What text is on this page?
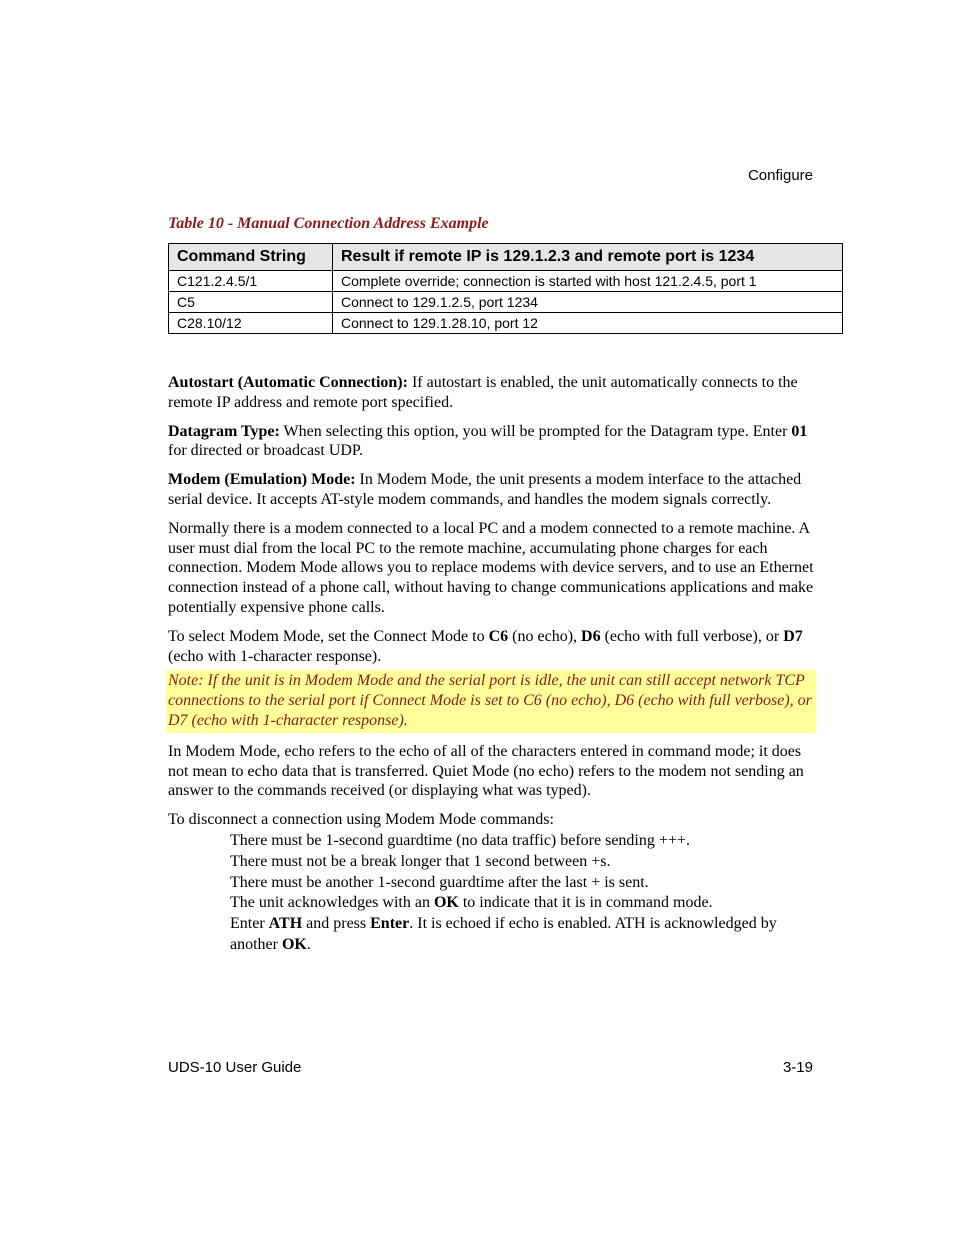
Configure
Table 10 - Manual Connection Address Example
Command String	Result if remote IP is 129.1.2.3 and remote port is 1234
C121.2.4.5/1	Complete override; connection is started with host 121.2.4.5, port 1
C5	Connect to 129.1.2.5, port 1234
C28.10/12	Connect to 129.1.28.10, port 12

Autostart (Automatic Connection): If autostart is enabled, the unit automatically connects to the remote IP address and remote port specified.

Datagram Type: When selecting this option, you will be prompted for the Datagram type. Enter 01 for directed or broadcast UDP.

Modem (Emulation) Mode: In Modem Mode, the unit presents a modem interface to the attached serial device. It accepts AT-style modem commands, and handles the modem signals correctly.

Normally there is a modem connected to a local PC and a modem connected to a remote machine. A user must dial from the local PC to the remote machine, accumulating phone charges for each connection. Modem Mode allows you to replace modems with device servers, and to use an Ethernet connection instead of a phone call, without having to change communications applications and make potentially expensive phone calls.

To select Modem Mode, set the Connect Mode to C6 (no echo), D6 (echo with full verbose), or D7 (echo with 1-character response).

Note: If the unit is in Modem Mode and the serial port is idle, the unit can still accept network TCP connections to the serial port if Connect Mode is set to C6 (no echo), D6 (echo with full verbose), or D7 (echo with 1-character response).

In Modem Mode, echo refers to the echo of all of the characters entered in command mode; it does not mean to echo data that is transferred. Quiet Mode (no echo) refers to the modem not sending an answer to the commands received (or displaying what was typed).

To disconnect a connection using Modem Mode commands:

There must be 1-second guardtime (no data traffic) before sending +++.
There must not be a break longer that 1 second between +s.
There must be another 1-second guardtime after the last + is sent.
The unit acknowledges with an OK to indicate that it is in command mode.
Enter ATH and press Enter. It is echoed if echo is enabled. ATH is acknowledged by another OK.
UDS-10 User Guide	3-19
